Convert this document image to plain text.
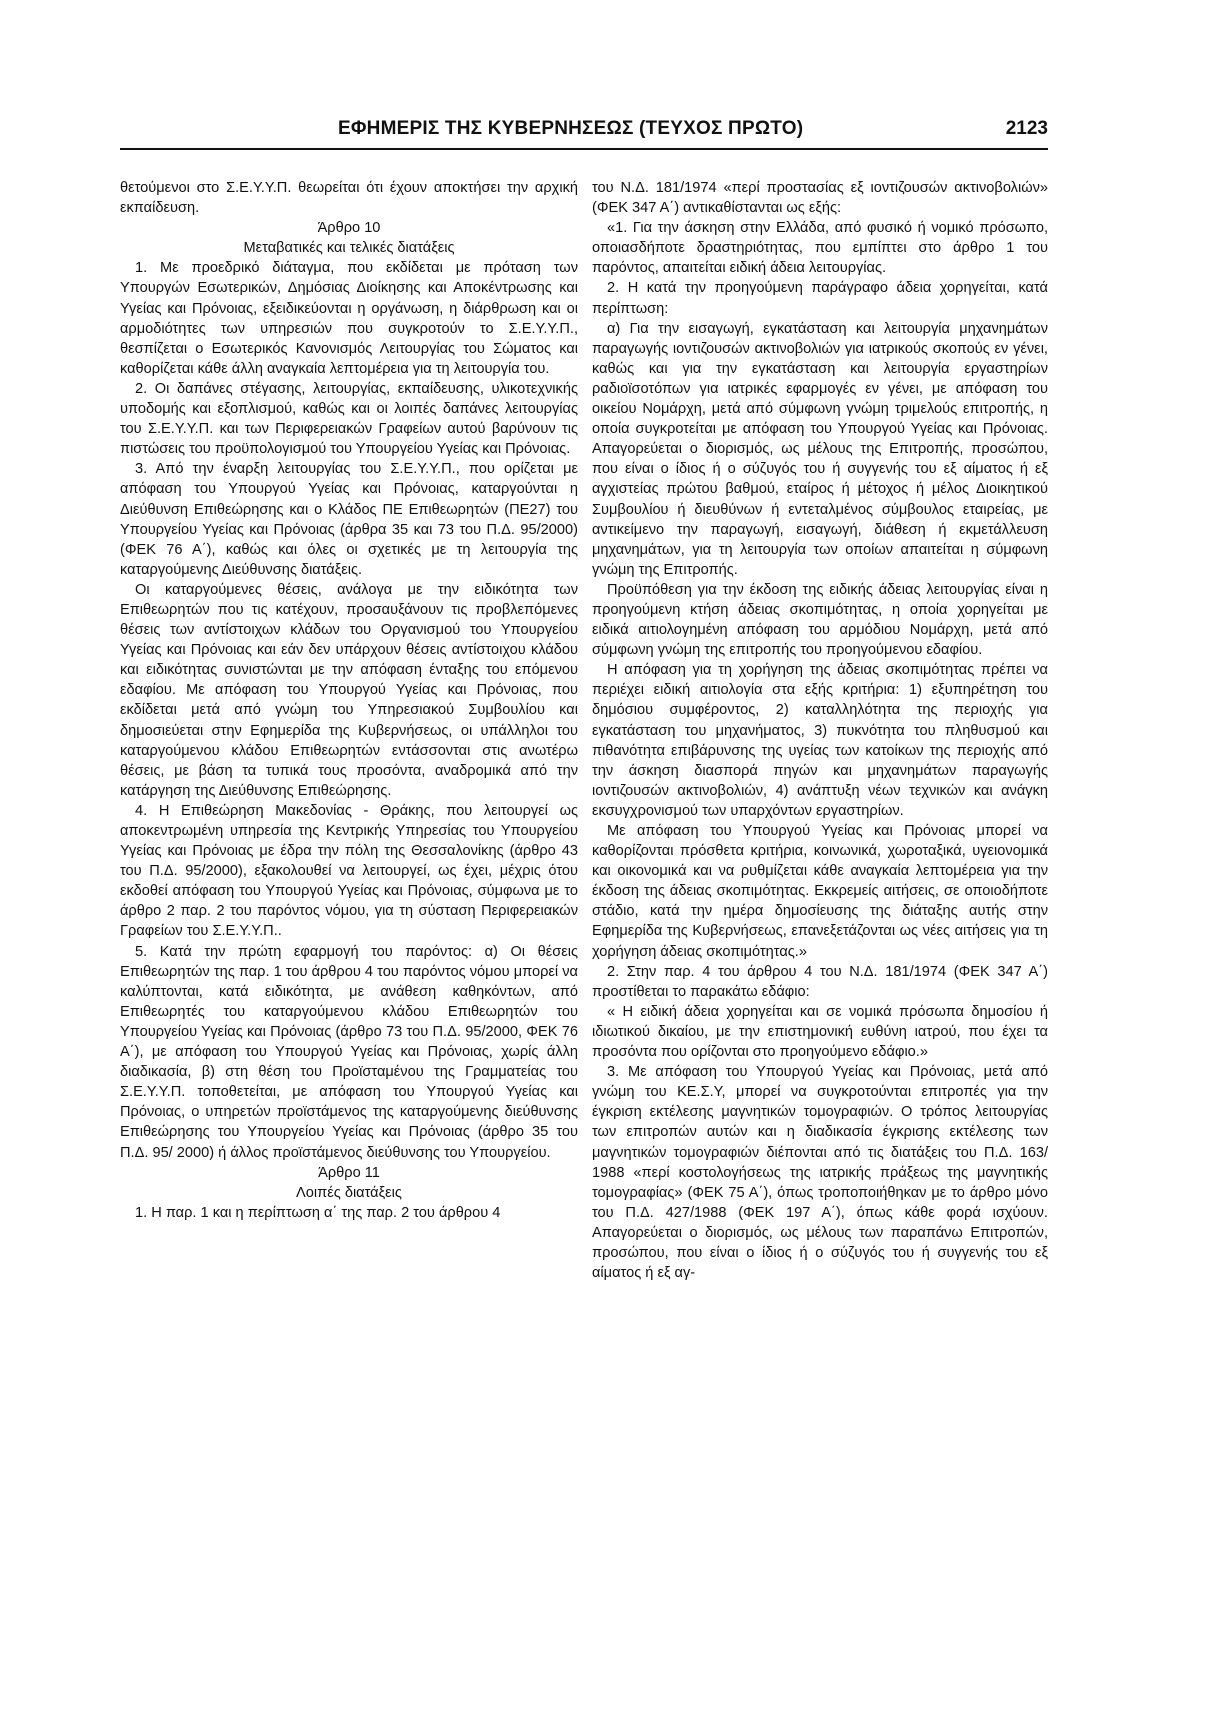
ΕΦΗΜΕΡΙΣ ΤΗΣ ΚΥΒΕΡΝΗΣΕΩΣ (ΤΕΥΧΟΣ ΠΡΩΤΟ)	2123

θετούμενοι στο Σ.Ε.Υ.Υ.Π. θεωρείται ότι έχουν αποκτήσει την αρχική εκπαίδευση.

Άρθρο 10

Μεταβατικές και τελικές διατάξεις

1. Με προεδρικό διάταγμα, που εκδίδεται με πρόταση των Υπουργών Εσωτερικών, Δημόσιας Διοίκησης και Αποκέντρωσης και Υγείας και Πρόνοιας, εξειδικεύονται η οργάνωση, η διάρθρωση και οι αρμοδιότητες των υπηρεσιών που συγκροτούν το Σ.Ε.Υ.Υ.Π., θεσπίζεται ο Εσωτερικός Κανονισμός Λειτουργίας του Σώματος και καθορίζεται κάθε άλλη αναγκαία λεπτομέρεια για τη λειτουργία του.

2. Οι δαπάνες στέγασης, λειτουργίας, εκπαίδευσης, υλικοτεχνικής υποδομής και εξοπλισμού, καθώς και οι λοιπές δαπάνες λειτουργίας του Σ.Ε.Υ.Υ.Π. και των Περιφερειακών Γραφείων αυτού βαρύνουν τις πιστώσεις του προϋπολογισμού του Υπουργείου Υγείας και Πρόνοιας.

3. Από την έναρξη λειτουργίας του Σ.Ε.Υ.Υ.Π., που ορίζεται με απόφαση του Υπουργού Υγείας και Πρόνοιας, καταργούνται η Διεύθυνση Επιθεώρησης και ο Κλάδος ΠΕ Επιθεωρητών (ΠΕ27) του Υπουργείου Υγείας και Πρόνοιας (άρθρα 35 και 73 του Π.Δ. 95/2000) (ΦΕΚ 76 Α΄), καθώς και όλες οι σχετικές με τη λειτουργία της καταργούμενης Διεύθυνσης διατάξεις.

Οι καταργούμενες θέσεις, ανάλογα με την ειδικότητα των Επιθεωρητών που τις κατέχουν, προσαυξάνουν τις προβλεπόμενες θέσεις των αντίστοιχων κλάδων του Οργανισμού του Υπουργείου Υγείας και Πρόνοιας και εάν δεν υπάρχουν θέσεις αντίστοιχου κλάδου και ειδικότητας συνιστώνται με την απόφαση ένταξης του επόμενου εδαφίου. Με απόφαση του Υπουργού Υγείας και Πρόνοιας, που εκδίδεται μετά από γνώμη του Υπηρεσιακού Συμβουλίου και δημοσιεύεται στην Εφημερίδα της Κυβερνήσεως, οι υπάλληλοι του καταργούμενου κλάδου Επιθεωρητών εντάσσονται στις ανωτέρω θέσεις, με βάση τα τυπικά τους προσόντα, αναδρομικά από την κατάργηση της Διεύθυνσης Επιθεώρησης.

4. Η Επιθεώρηση Μακεδονίας - Θράκης, που λειτουργεί ως αποκεντρωμένη υπηρεσία της Κεντρικής Υπηρεσίας του Υπουργείου Υγείας και Πρόνοιας με έδρα την πόλη της Θεσσαλονίκης (άρθρο 43 του Π.Δ. 95/2000), εξακολουθεί να λειτουργεί, ως έχει, μέχρις ότου εκδοθεί απόφαση του Υπουργού Υγείας και Πρόνοιας, σύμφωνα με το άρθρο 2 παρ. 2 του παρόντος νόμου, για τη σύσταση Περιφερειακών Γραφείων του Σ.Ε.Υ.Υ.Π..

5. Κατά την πρώτη εφαρμογή του παρόντος: α) Οι θέσεις Επιθεωρητών της παρ. 1 του άρθρου 4 του παρόντος νόμου μπορεί να καλύπτονται, κατά ειδικότητα, με ανάθεση καθηκόντων, από Επιθεωρητές του καταργούμενου κλάδου Επιθεωρητών του Υπουργείου Υγείας και Πρόνοιας (άρθρο 73 του Π.Δ. 95/2000, ΦΕΚ 76 Α΄), με απόφαση του Υπουργού Υγείας και Πρόνοιας, χωρίς άλλη διαδικασία, β) στη θέση του Προϊσταμένου της Γραμματείας του Σ.Ε.Υ.Υ.Π. τοποθετείται, με απόφαση του Υπουργού Υγείας και Πρόνοιας, ο υπηρετών προϊστάμενος της καταργούμενης διεύθυνσης Επιθεώρησης του Υπουργείου Υγείας και Πρόνοιας (άρθρο 35 του Π.Δ. 95/ 2000) ή άλλος προϊστάμενος διεύθυνσης του Υπουργείου.

Άρθρο 11

Λοιπές διατάξεις

1. Η παρ. 1 και η περίπτωση α΄ της παρ. 2 του άρθρου 4

του Ν.Δ. 181/1974 «περί προστασίας εξ ιοντιζουσών ακτινοβολιών» (ΦΕΚ 347 Α΄) αντικαθίστανται ως εξής:

«1. Για την άσκηση στην Ελλάδα, από φυσικό ή νομικό πρόσωπο, οποιασδήποτε δραστηριότητας, που εμπίπτει στο άρθρο 1 του παρόντος, απαιτείται ειδική άδεια λειτουργίας.

2. Η κατά την προηγούμενη παράγραφο άδεια χορηγείται, κατά περίπτωση:

α) Για την εισαγωγή, εγκατάσταση και λειτουργία μηχανημάτων παραγωγής ιοντιζουσών ακτινοβολιών για ιατρικούς σκοπούς εν γένει, καθώς και για την εγκατάσταση και λειτουργία εργαστηρίων ραδιοϊσοτόπων για ιατρικές εφαρμογές εν γένει, με απόφαση του οικείου Νομάρχη, μετά από σύμφωνη γνώμη τριμελούς επιτροπής, η οποία συγκροτείται με απόφαση του Υπουργού Υγείας και Πρόνοιας. Απαγορεύεται ο διορισμός, ως μέλους της Επιτροπής, προσώπου, που είναι ο ίδιος ή ο σύζυγός του ή συγγενής του εξ αίματος ή εξ αγχιστείας πρώτου βαθμού, εταίρος ή μέτοχος ή μέλος Διοικητικού Συμβουλίου ή διευθύνων ή εντεταλμένος σύμβουλος εταιρείας, με αντικείμενο την παραγωγή, εισαγωγή, διάθεση ή εκμετάλλευση μηχανημάτων, για τη λειτουργία των οποίων απαιτείται η σύμφωνη γνώμη της Επιτροπής.

Προϋπόθεση για την έκδοση της ειδικής άδειας λειτουργίας είναι η προηγούμενη κτήση άδειας σκοπιμότητας, η οποία χορηγείται με ειδικά αιτιολογημένη απόφαση του αρμόδιου Νομάρχη, μετά από σύμφωνη γνώμη της επιτροπής του προηγούμενου εδαφίου.

Η απόφαση για τη χορήγηση της άδειας σκοπιμότητας πρέπει να περιέχει ειδική αιτιολογία στα εξής κριτήρια: 1) εξυπηρέτηση του δημόσιου συμφέροντος, 2) καταλληλότητα της περιοχής για εγκατάσταση του μηχανήματος, 3) πυκνότητα του πληθυσμού και πιθανότητα επιβάρυνσης της υγείας των κατοίκων της περιοχής από την άσκηση διασπορά πηγών και μηχανημάτων παραγωγής ιοντιζουσών ακτινοβολιών, 4) ανάπτυξη νέων τεχνικών και ανάγκη εκσυγχρονισμού των υπαρχόντων εργαστηρίων.

Με απόφαση του Υπουργού Υγείας και Πρόνοιας μπορεί να καθορίζονται πρόσθετα κριτήρια, κοινωνικά, χωροταξικά, υγειονομικά και οικονομικά και να ρυθμίζεται κάθε αναγκαία λεπτομέρεια για την έκδοση της άδειας σκοπιμότητας. Εκκρεμείς αιτήσεις, σε οποιοδήποτε στάδιο, κατά την ημέρα δημοσίευσης της διάταξης αυτής στην Εφημερίδα της Κυβερνήσεως, επανεξετάζονται ως νέες αιτήσεις για τη χορήγηση άδειας σκοπιμότητας.»

2. Στην παρ. 4 του άρθρου 4 του Ν.Δ. 181/1974 (ΦΕΚ 347 Α΄) προστίθεται το παρακάτω εδάφιο:

« Η ειδική άδεια χορηγείται και σε νομικά πρόσωπα δημοσίου ή ιδιωτικού δικαίου, με την επιστημονική ευθύνη ιατρού, που έχει τα προσόντα που ορίζονται στο προηγούμενο εδάφιο.»

3. Με απόφαση του Υπουργού Υγείας και Πρόνοιας, μετά από γνώμη του ΚΕ.Σ.Υ, μπορεί να συγκροτούνται επιτροπές για την έγκριση εκτέλεσης μαγνητικών τομογραφιών. Ο τρόπος λειτουργίας των επιτροπών αυτών και η διαδικασία έγκρισης εκτέλεσης των μαγνητικών τομογραφιών διέπονται από τις διατάξεις του Π.Δ. 163/ 1988 «περί κοστολογήσεως της ιατρικής πράξεως της μαγνητικής τομογραφίας» (ΦΕΚ 75 Α΄), όπως τροποποιήθηκαν με το άρθρο μόνο του Π.Δ. 427/1988 (ΦΕΚ 197 Α΄), όπως κάθε φορά ισχύουν. Απαγορεύεται ο διορισμός, ως μέλους των παραπάνω Επιτροπών, προσώπου, που είναι ο ίδιος ή ο σύζυγός του ή συγγενής του εξ αίματος ή εξ αγ-
